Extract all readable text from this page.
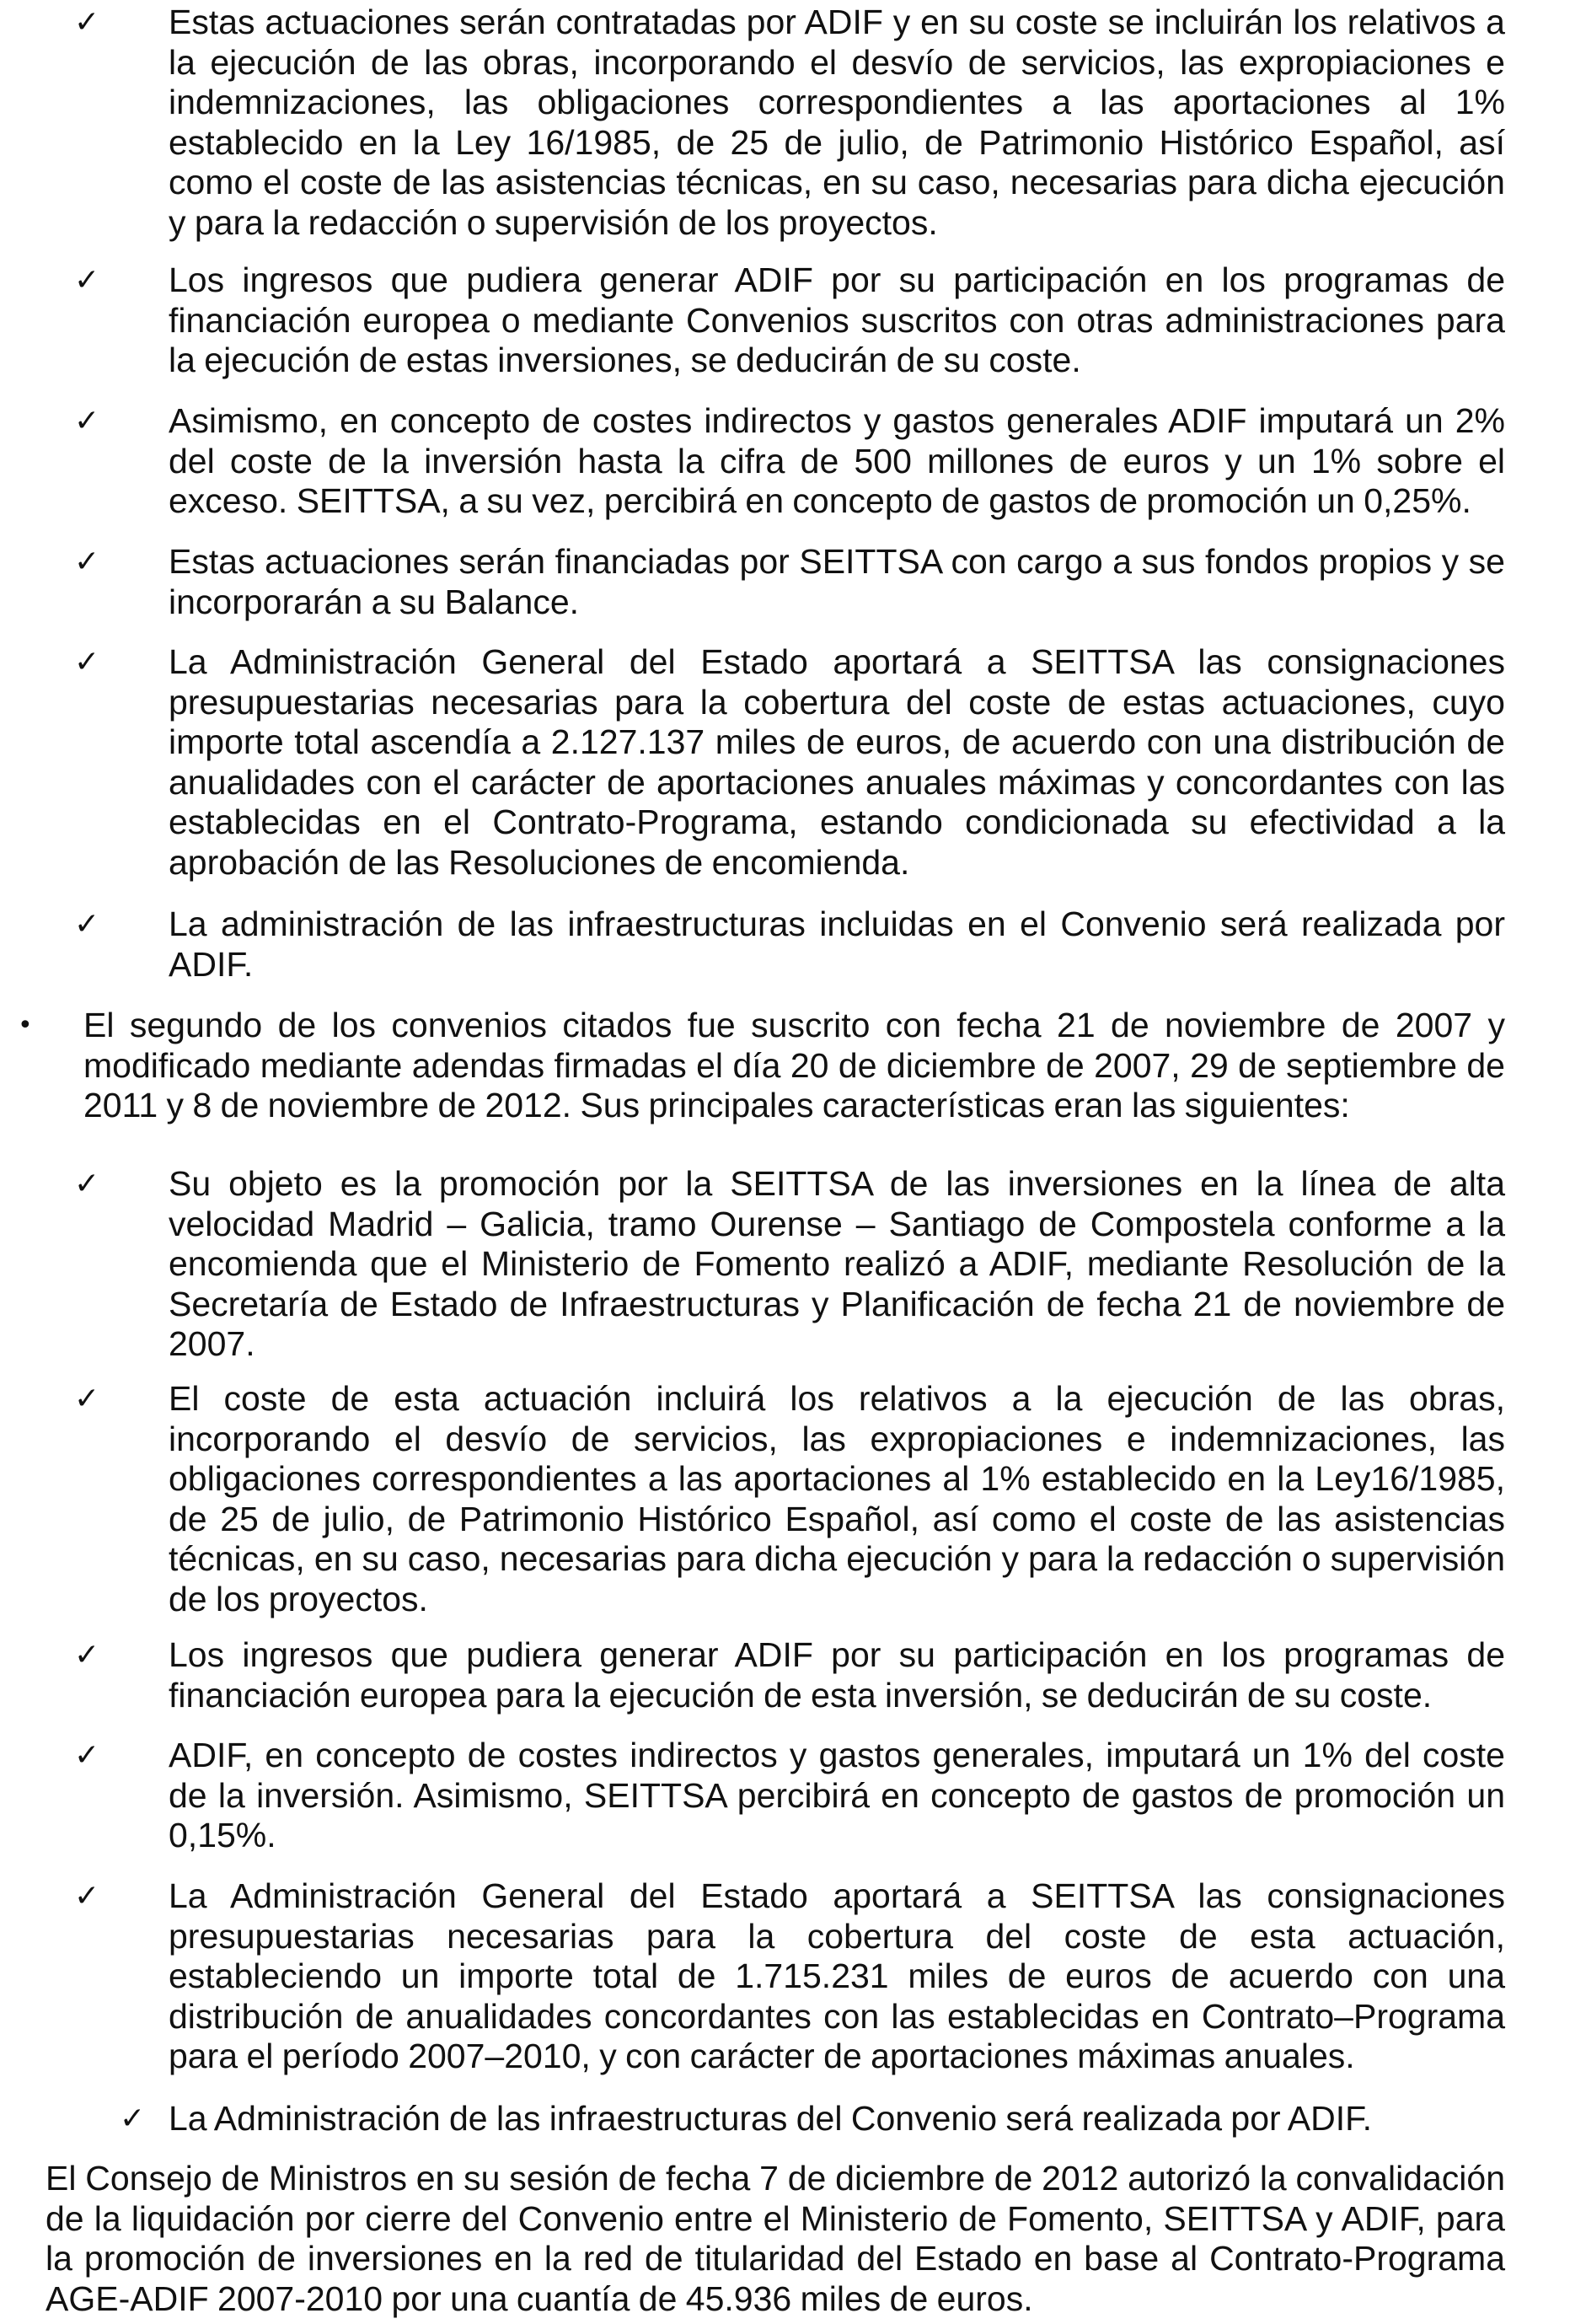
✓ Estas actuaciones serán contratadas por ADIF y en su coste se incluirán los relativos a la ejecución de las obras, incorporando el desvío de servicios, las expropiaciones e indemnizaciones, las obligaciones correspondientes a las aportaciones al 1% establecido en la Ley 16/1985, de 25 de julio, de Patrimonio Histórico Español, así como el coste de las asistencias técnicas, en su caso, necesarias para dicha ejecución y para la redacción o supervisión de los proyectos.
✓ Los ingresos que pudiera generar ADIF por su participación en los programas de financiación europea o mediante Convenios suscritos con otras administraciones para la ejecución de estas inversiones, se deducirán de su coste.
✓ Asimismo, en concepto de costes indirectos y gastos generales ADIF imputará un 2% del coste de la inversión hasta la cifra de 500 millones de euros y un 1% sobre el exceso. SEITTSA, a su vez, percibirá en concepto de gastos de promoción un 0,25%.
✓ Estas actuaciones serán financiadas por SEITTSA con cargo a sus fondos propios y se incorporarán a su Balance.
✓ La Administración General del Estado aportará a SEITTSA las consignaciones presupuestarias necesarias para la cobertura del coste de estas actuaciones, cuyo importe total ascendía a 2.127.137 miles de euros, de acuerdo con una distribución de anualidades con el carácter de aportaciones anuales máximas y concordantes con las establecidas en el Contrato-Programa, estando condicionada su efectividad a la aprobación de las Resoluciones de encomienda.
✓ La administración de las infraestructuras incluidas en el Convenio será realizada por ADIF.
• El segundo de los convenios citados fue suscrito con fecha 21 de noviembre de 2007 y modificado mediante adendas firmadas el día 20 de diciembre de 2007, 29 de septiembre de 2011 y 8 de noviembre de 2012. Sus principales características eran las siguientes:
✓ Su objeto es la promoción por la SEITTSA de las inversiones en la línea de alta velocidad Madrid – Galicia, tramo Ourense – Santiago de Compostela conforme a la encomienda que el Ministerio de Fomento realizó a ADIF, mediante Resolución de la Secretaría de Estado de Infraestructuras y Planificación de fecha 21 de noviembre de 2007.
✓ El coste de esta actuación incluirá los relativos a la ejecución de las obras, incorporando el desvío de servicios, las expropiaciones e indemnizaciones, las obligaciones correspondientes a las aportaciones al 1% establecido en la Ley16/1985, de 25 de julio, de Patrimonio Histórico Español, así como el coste de las asistencias técnicas, en su caso, necesarias para dicha ejecución y para la redacción o supervisión de los proyectos.
✓ Los ingresos que pudiera generar ADIF por su participación en los programas de financiación europea para la ejecución de esta inversión, se deducirán de su coste.
✓ ADIF, en concepto de costes indirectos y gastos generales, imputará un 1% del coste de la inversión. Asimismo, SEITTSA percibirá en concepto de gastos de promoción un 0,15%.
✓ La Administración General del Estado aportará a SEITTSA las consignaciones presupuestarias necesarias para la cobertura del coste de esta actuación, estableciendo un importe total de 1.715.231 miles de euros de acuerdo con una distribución de anualidades concordantes con las establecidas en Contrato–Programa para el período 2007–2010, y con carácter de aportaciones máximas anuales.
✓ La Administración de las infraestructuras del Convenio será realizada por ADIF.
El Consejo de Ministros en su sesión de fecha 7 de diciembre de 2012 autorizó la convalidación de la liquidación por cierre del Convenio entre el Ministerio de Fomento, SEITTSA y ADIF, para la promoción de inversiones en la red de titularidad del Estado en base al Contrato-Programa AGE-ADIF 2007-2010 por una cuantía de 45.936 miles de euros.
